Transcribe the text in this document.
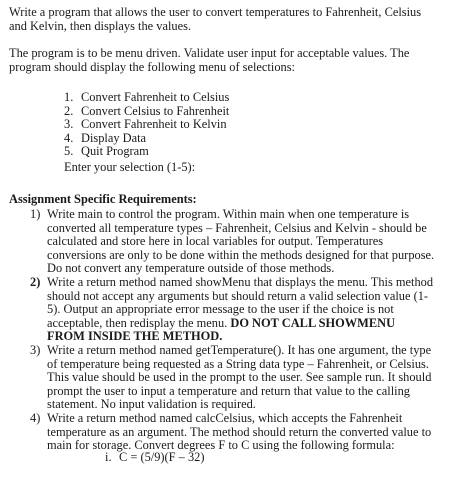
Write a program that allows the user to convert temperatures to Fahrenheit, Celsius
and Kelvin, then displays the values.
The program is to be menu driven. Validate user input for acceptable values. The
program should display the following menu of selections:
1. Convert Fahrenheit to Celsius
2. Convert Celsius to Fahrenheit
3. Convert Fahrenheit to Kelvin
4. Display Data
5. Quit Program
Enter your selection (1-5):
Assignment Specific Requirements:
1) Write main to control the program. Within main when one temperature is
converted all temperature types – Fahrenheit, Celsius and Kelvin - should be
calculated and store here in local variables for output. Temperatures
conversions are only to be done within the methods designed for that purpose.
Do not convert any temperature outside of those methods.
2) Write a return method named showMenu that displays the menu. This method
should not accept any arguments but should return a valid selection value (1-
5). Output an appropriate error message to the user if the choice is not
acceptable, then redisplay the menu. DO NOT CALL SHOWMENU
FROM INSIDE THE METHOD.
3) Write a return method named getTemperature(). It has one argument, the type
of temperature being requested as a String data type – Fahrenheit, or Celsius.
This value should be used in the prompt to the user. See sample run. It should
prompt the user to input a temperature and return that value to the calling
statement. No input validation is required.
4) Write a return method named calcCelsius, which accepts the Fahrenheit
temperature as an argument. The method should return the converted value to
main for storage. Convert degrees F to C using the following formula:
i. C = (5/9)(F – 32)
